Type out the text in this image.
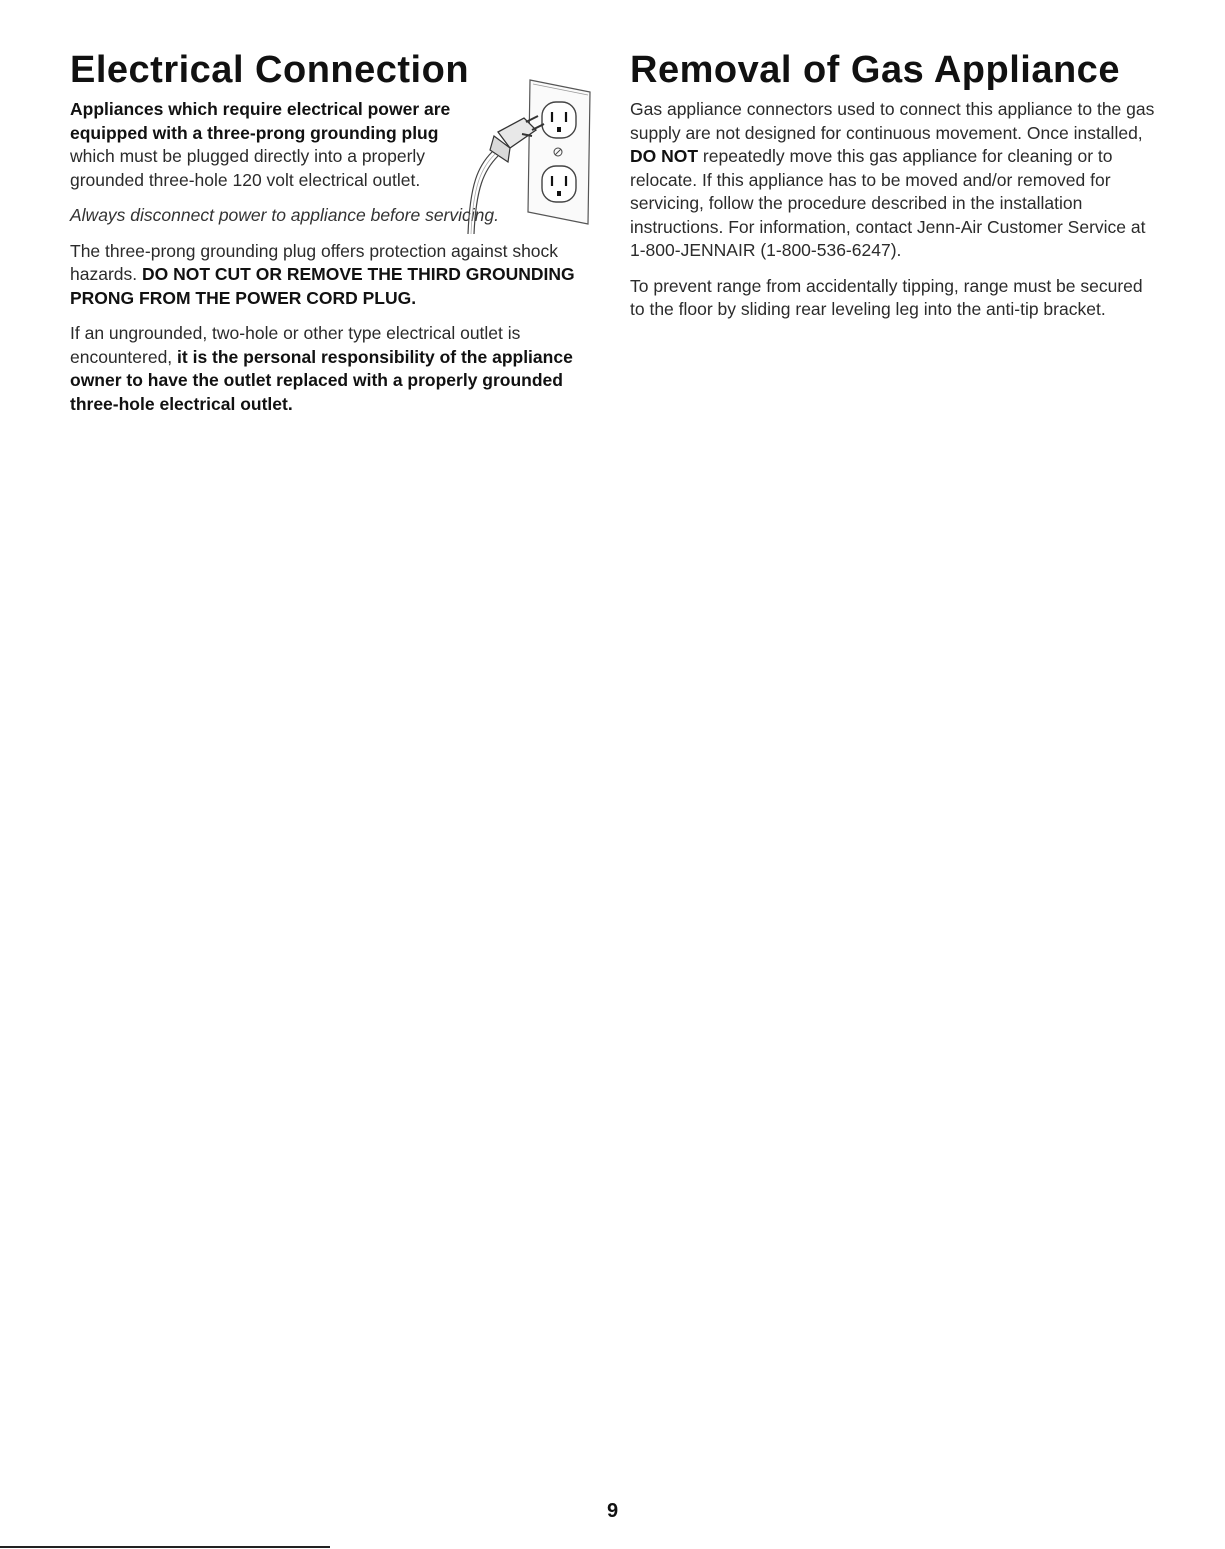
Electrical Connection

Appliances which require electrical power are equipped with a three-prong grounding plug which must be plugged directly into a properly grounded three-hole 120 volt electrical outlet.

Always disconnect power to appliance before servicing.

The three-prong grounding plug offers protection against shock hazards. DO NOT CUT OR REMOVE THE THIRD GROUNDING PRONG FROM THE POWER CORD PLUG.

If an ungrounded, two-hole or other type electrical outlet is encountered, it is the personal responsibility of the appliance owner to have the outlet replaced with a properly grounded three-hole electrical outlet.

Removal of Gas Appliance

Gas appliance connectors used to connect this appliance to the gas supply are not designed for continuous movement. Once installed, DO NOT repeatedly move this gas appliance for cleaning or to relocate. If this appliance has to be moved and/or removed for servicing, follow the procedure described in the installation instructions. For information, contact Jenn-Air Customer Service at 1-800-JENNAIR (1-800-536-6247).

To prevent range from accidentally tipping, range must be secured to the floor by sliding rear leveling leg into the anti-tip bracket.

9
